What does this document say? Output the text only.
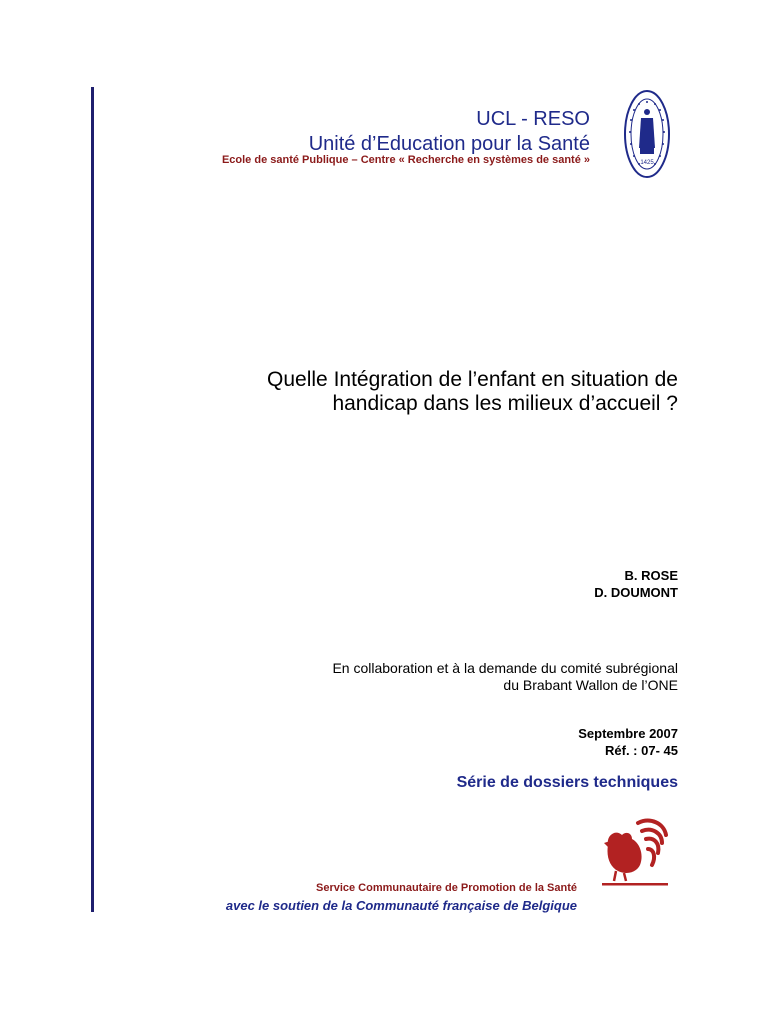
UCL - RESO
Unité d’Education pour la Santé
Ecole de santé Publique – Centre « Recherche en systèmes de santé »	1425
Quelle Intégration de l’enfant en situation de
handicap dans les milieux d’accueil ?
B. ROSE
D. DOUMONT
En collaboration et à la demande du comité subrégional
du Brabant Wallon de l’ONE
Septembre 2007
Réf. : 07- 45
Série de dossiers techniques
Service Communautaire de Promotion de la Santé
avec le soutien de la Communauté française de Belgique
